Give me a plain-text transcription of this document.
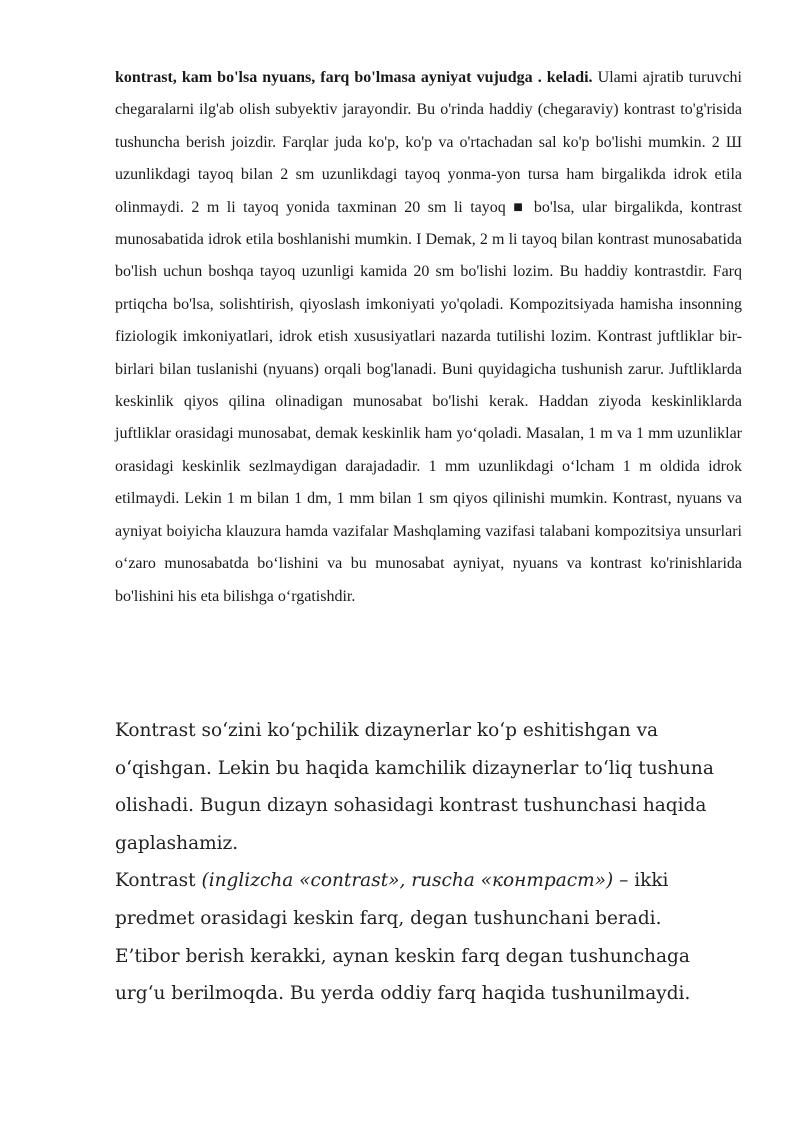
kontrast, kam bo'lsa nyuans, farq bo'lmasa ayniyat vujudga . keladi. Ulami ajratib turuvchi chegaralarni ilg'ab olish subyektiv jarayondir. Bu o'rinda haddiy (chegaraviy) kontrast to'g'risida tushuncha berish joizdir. Farqlar juda ko'p, ko'p va o'rtachadan sal ko'p bo'lishi mumkin. 2 Ш uzunlikdagi tayoq bilan 2 sm uzunlikdagi tayoq yonma-yon tursa ham birgalikda idrok etila olinmaydi. 2 m li tayoq yonida taxminan 20 sm li tayoq ■ bo'lsa, ular birgalikda, kontrast munosabatida idrok etila boshlanishi mumkin. I Demak, 2 m li tayoq bilan kontrast munosabatida bo'lish uchun boshqa tayoq uzunligi kamida 20 sm bo'lishi lozim. Bu haddiy kontrastdir. Farq prtiqcha bo'lsa, solishtirish, qiyoslash imkoniyati yo'qoladi. Kompozitsiyada hamisha insonning fiziologik imkoniyatlari, idrok etish xususiyatlari nazarda tutilishi lozim. Kontrast juftliklar bir-birlari bilan tuslanishi (nyuans) orqali bog'lanadi. Buni quyidagicha tushunish zarur. Juftliklarda keskinlik qiyos qilina olinadigan munosabat bo'lishi kerak. Haddan ziyoda keskinliklarda juftliklar orasidagi munosabat, demak keskinlik ham yo‘qoladi. Masalan, 1 m va 1 mm uzunliklar orasidagi keskinlik sezlmaydigan darajadadir. 1 mm uzunlikdagi o‘lcham 1 m oldida idrok etilmaydi. Lekin 1 m bilan 1 dm, 1 mm bilan 1 sm qiyos qilinishi mumkin. Kontrast, nyuans va ayniyat boiyicha klauzura hamda vazifalar Mashqlaming vazifasi talabani kompozitsiya unsurlari o‘zaro munosabatda bo‘lishini va bu munosabat ayniyat, nyuans va kontrast ko'rinishlarida bo'lishini his eta bilishga o‘rgatishdir.

Kontrast so‘zini ko‘pchilik dizaynerlar ko‘p eshitishgan va
o‘qishgan. Lekin bu haqida kamchilik dizaynerlar to‘liq tushuna
olishadi. Bugun dizayn sohasidagi kontrast tushunchasi haqida
gaplashamiz.
Kontrast (inglizcha «contrast», ruscha «контраст») – ikki
predmet orasidagi keskin farq, degan tushunchani beradi.
E’tibor berish kerakki, aynan keskin farq degan tushunchaga
urg‘u berilmoqda. Bu yerda oddiy farq haqida tushunilmaydi.
